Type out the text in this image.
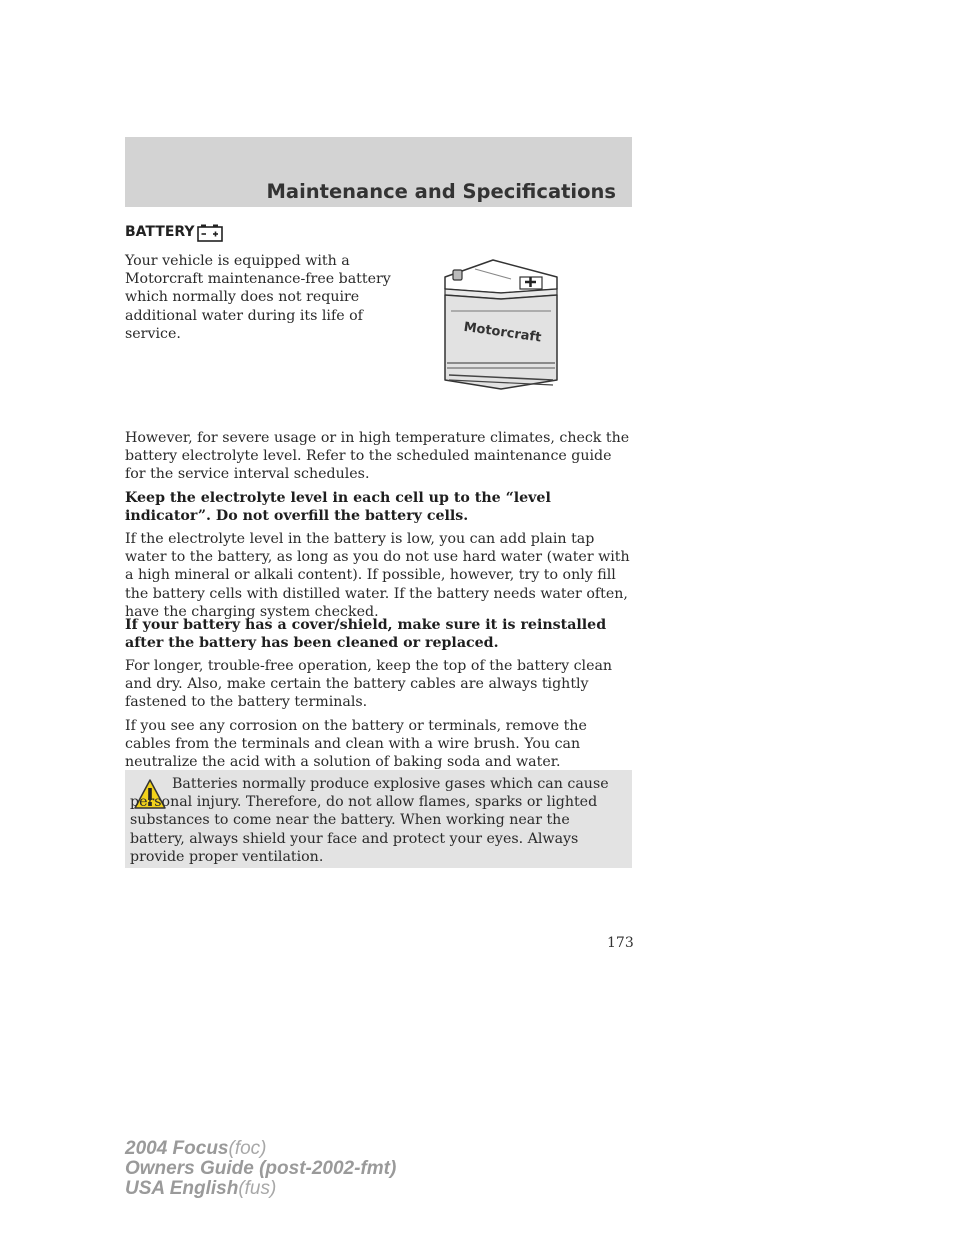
Maintenance and Specifications
BATTERY

Your vehicle is equipped with a Motorcraft maintenance-free battery which normally does not require additional water during its life of service.	Motorcraft

However, for severe usage or in high temperature climates, check the battery electrolyte level. Refer to the scheduled maintenance guide for the service interval schedules.

Keep the electrolyte level in each cell up to the “level indicator”. Do not overfill the battery cells.

If the electrolyte level in the battery is low, you can add plain tap water to the battery, as long as you do not use hard water (water with a high mineral or alkali content). If possible, however, try to only fill the battery cells with distilled water. If the battery needs water often, have the charging system checked.

If your battery has a cover/shield, make sure it is reinstalled after the battery has been cleaned or replaced.

For longer, trouble-free operation, keep the top of the battery clean and dry. Also, make certain the battery cables are always tightly fastened to the battery terminals.

If you see any corrosion on the battery or terminals, remove the cables from the terminals and clean with a wire brush. You can neutralize the acid with a solution of baking soda and water.

Batteries normally produce explosive gases which can cause personal injury. Therefore, do not allow flames, sparks or lighted substances to come near the battery. When working near the battery, always shield your face and protect your eyes. Always provide proper ventilation.

173
2004 Focus(foc)
Owners Guide (post-2002-fmt)
USA English(fus)
